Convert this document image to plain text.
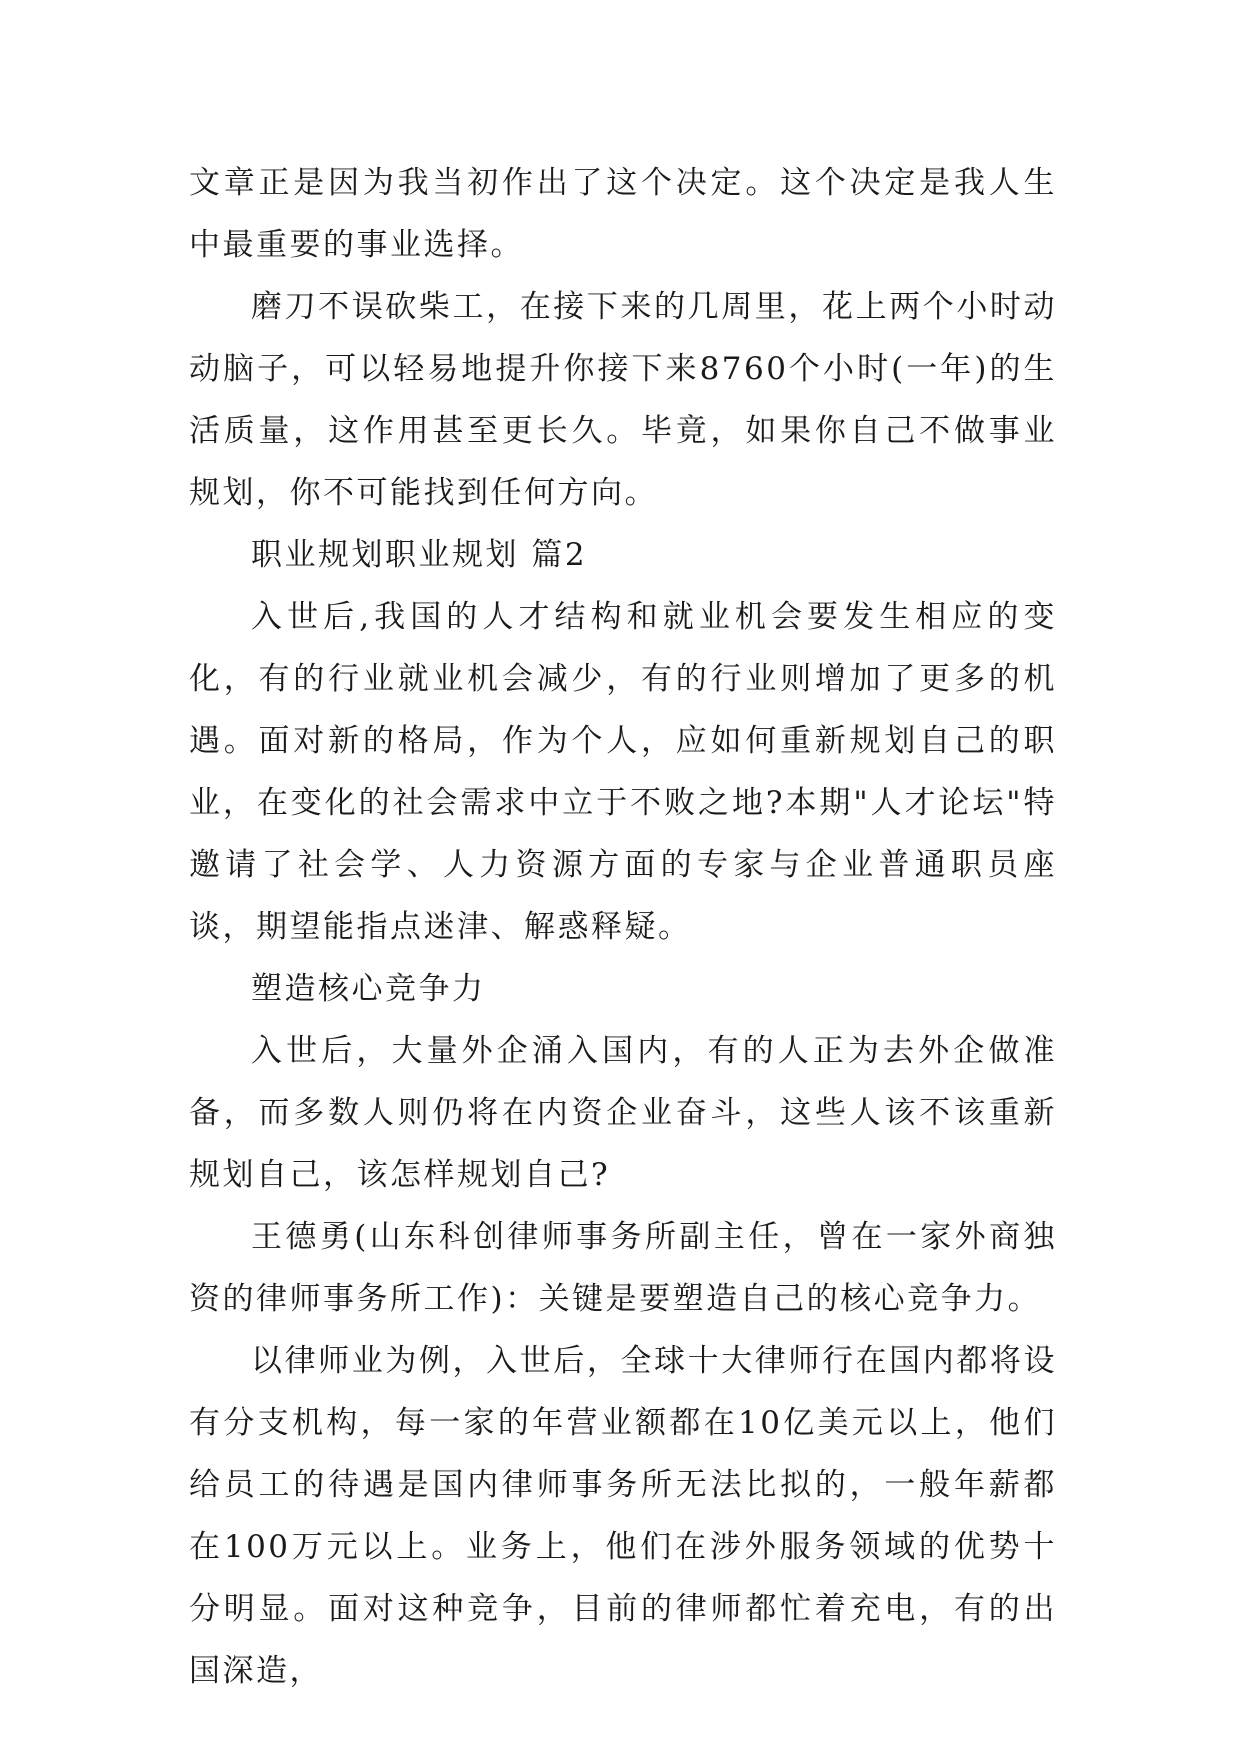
文章正是因为我当初作出了这个决定。这个决定是我人生中最重要的事业选择。

磨刀不误砍柴工，在接下来的几周里，花上两个小时动动脑子，可以轻易地提升你接下来8760个小时(一年)的生活质量，这作用甚至更长久。毕竟，如果你自己不做事业规划，你不可能找到任何方向。

职业规划职业规划 篇2

入世后,我国的人才结构和就业机会要发生相应的变化，有的行业就业机会减少，有的行业则增加了更多的机遇。面对新的格局，作为个人，应如何重新规划自己的职业，在变化的社会需求中立于不败之地?本期"人才论坛"特邀请了社会学、人力资源方面的专家与企业普通职员座谈，期望能指点迷津、解惑释疑。

塑造核心竞争力

入世后，大量外企涌入国内，有的人正为去外企做准备，而多数人则仍将在内资企业奋斗，这些人该不该重新规划自己，该怎样规划自己?

王德勇(山东科创律师事务所副主任，曾在一家外商独资的律师事务所工作)：关键是要塑造自己的核心竞争力。

以律师业为例，入世后，全球十大律师行在国内都将设有分支机构，每一家的年营业额都在10亿美元以上，他们给员工的待遇是国内律师事务所无法比拟的，一般年薪都在100万元以上。业务上，他们在涉外服务领域的优势十分明显。面对这种竞争，目前的律师都忙着充电，有的出国深造，
